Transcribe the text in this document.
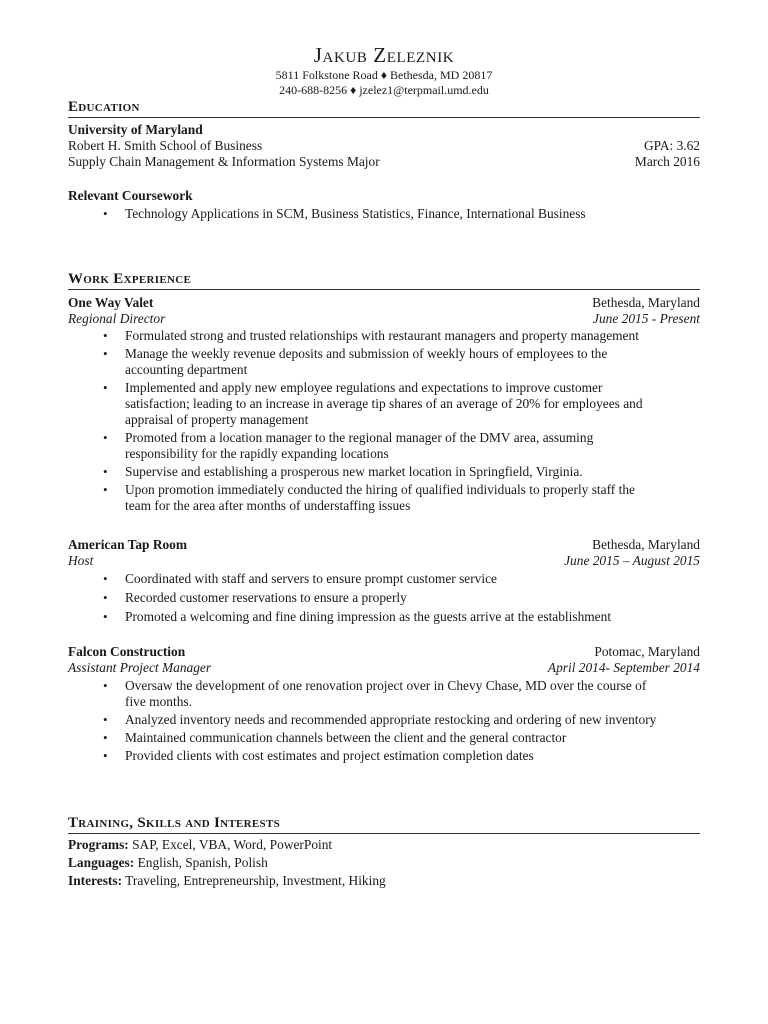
Jakub Zeleznik
5811 Folkstone Road ♦ Bethesda, MD 20817
240-688-8256 ♦ jzelez1@terpmail.umd.edu
Education
University of Maryland
Robert H. Smith School of Business	GPA: 3.62
Supply Chain Management & Information Systems Major	March 2016
Relevant Coursework
• Technology Applications in SCM, Business Statistics, Finance, International Business
Work Experience
One Way Valet	Bethesda, Maryland
Regional Director	June 2015 - Present
• Formulated strong and trusted relationships with restaurant managers and property management
• Manage the weekly revenue deposits and submission of weekly hours of employees to the accounting department
• Implemented and apply new employee regulations and expectations to improve customer satisfaction; leading to an increase in average tip shares of an average of 20% for employees and appraisal of property management
• Promoted from a location manager to the regional manager of the DMV area, assuming responsibility for the rapidly expanding locations
• Supervise and establishing a prosperous new market location in Springfield, Virginia.
• Upon promotion immediately conducted the hiring of qualified individuals to properly staff the team for the area after months of understaffing issues
American Tap Room	Bethesda, Maryland
Host	June 2015 – August 2015
• Coordinated with staff and servers to ensure prompt customer service
• Recorded customer reservations to ensure a properly
• Promoted a welcoming and fine dining impression as the guests arrive at the establishment
Falcon Construction	Potomac, Maryland
Assistant Project Manager	April 2014- September 2014
• Oversaw the development of one renovation project over in Chevy Chase, MD over the course of five months.
• Analyzed inventory needs and recommended appropriate restocking and ordering of new inventory
• Maintained communication channels between the client and the general contractor
• Provided clients with cost estimates and project estimation completion dates
Training, Skills and Interests
Programs: SAP, Excel, VBA, Word, PowerPoint
Languages: English, Spanish, Polish
Interests: Traveling, Entrepreneurship, Investment, Hiking
